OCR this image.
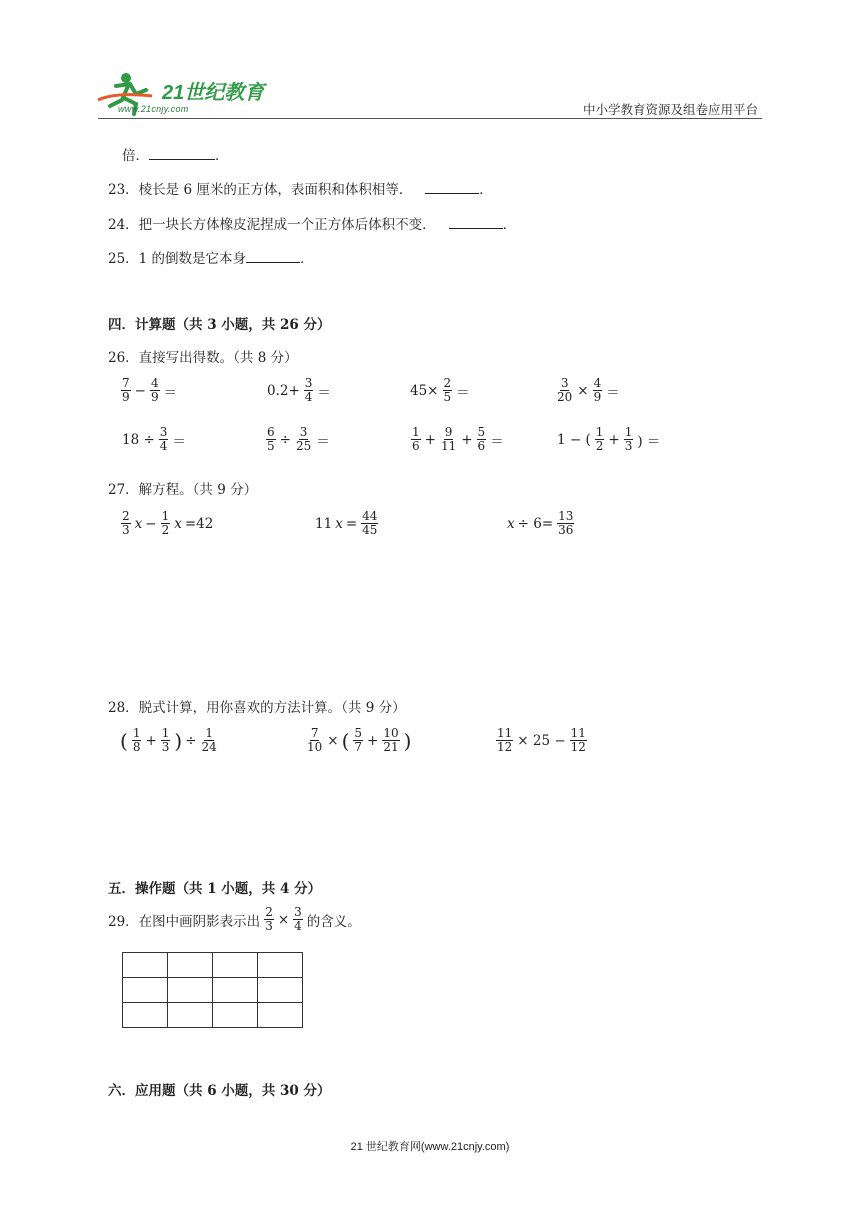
21世纪教育
www.21cnjy.com	中小学教育资源及组卷应用平台
倍．	．
23．棱长是 6 厘米的正方体，表面积和体积相等．	．
24．把一块长方体橡皮泥捏成一个正方体后体积不变．	．
25．1 的倒数是它本身	．
四．计算题（共 3 小题，共 26 分）
26．直接写出得数。（共 8 分）
$\frac{7}{9} - \frac{4}{9}$ ＝	$0.2+ \frac{3}{4}$ ＝	$45\times \frac{2}{5}$ ＝	$\frac{3}{20} \times \frac{4}{9}$ ＝
$18 \div \frac{3}{4}$ ＝	$\frac{6}{5} \div \frac{3}{25}$ ＝	$\frac{1}{6} + \frac{9}{11} + \frac{5}{6}$ ＝	1 − ( $\frac{1}{2} + \frac{1}{3}$ ) ＝
27．解方程。（共 9 分）
$\frac{2}{3}$ $x - \frac{1}{2}$ x =42	11 $x = \frac{44}{45}$	$x \div 6= \frac{13}{36}$
28．脱式计算，用你喜欢的方法计算。（共 9 分）
( $\frac{1}{8} + \frac{1}{3}$ ) ÷ $\frac{1}{24}$	$\frac{7}{10}$ × ( $\frac{5}{7} + \frac{10}{21}$ )	$\frac{11}{12} \times 25 - \frac{11}{12}$
五．操作题（共 1 小题，共 4 分）
29．在图中画阴影表示出 $\frac{2}{3} \times \frac{3}{4}$ 的含义。

六．应用题（共 6 小题，共 30 分）
21 世纪教育网(www.21cnjy.com)
